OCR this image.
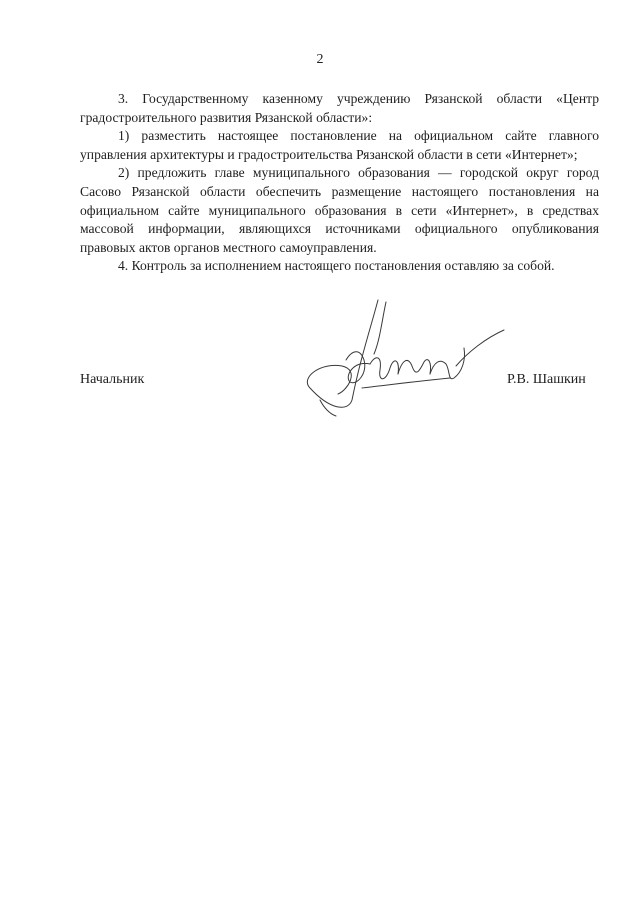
2

3. Государственному казенному учреждению Рязанской области «Центр градостроительного развития Рязанской области»:

1) разместить настоящее постановление на официальном сайте главного управления архитектуры и градостроительства Рязанской области в сети «Интернет»;

2) предложить главе муниципального образования — городской округ город Сасово Рязанской области обеспечить размещение настоящего постановления на официальном сайте муниципального образования в сети «Интернет», в средствах массовой информации, являющихся источниками официального опубликования правовых актов органов местного самоуправления.

4. Контроль за исполнением настоящего постановления оставляю за собой.

Начальник	Р.В. Шашкин
